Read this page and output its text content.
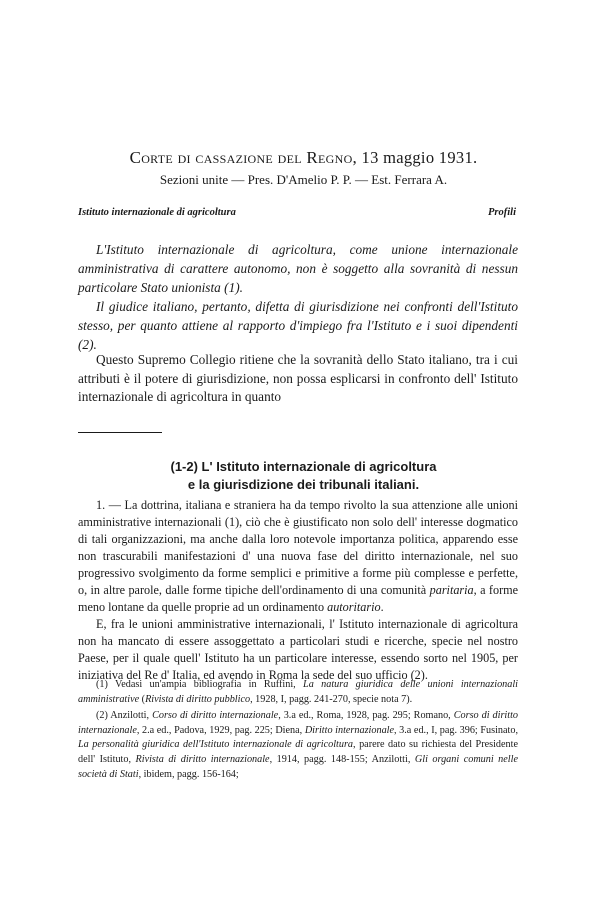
Corte di cassazione del Regno, 13 maggio 1931.
Sezioni unite — Pres. D'Amelio P. P. — Est. Ferrara A.
Istituto internazionale di agricoltura	Profili

L'Istituto internazionale di agricoltura, come unione internazionale amministrativa di carattere autonomo, non è soggetto alla sovranità di nessun particolare Stato unionista (1).

Il giudice italiano, pertanto, difetta di giurisdizione nei confronti dell'Istituto stesso, per quanto attiene al rapporto d'impiego fra l'Istituto e i suoi dipendenti (2).

Questo Supremo Collegio ritiene che la sovranità dello Stato italiano, tra i cui attributi è il potere di giurisdizione, non possa esplicarsi in confronto dell' Istituto internazionale di agricoltura in quanto

(1-2) L' Istituto internazionale di agricoltura
e la giurisdizione dei tribunali italiani.

1. — La dottrina, italiana e straniera ha da tempo rivolto la sua attenzione alle unioni amministrative internazionali (1), ciò che è giustificato non solo dell' interesse dogmatico di tali organizzazioni, ma anche dalla loro notevole importanza politica, apparendo esse non trascurabili manifestazioni d' una nuova fase del diritto internazionale, nel suo progressivo svolgimento da forme semplici e primitive a forme più complesse e perfette, o, in altre parole, dalle forme tipiche dell'ordinamento di una comunità paritaria, a forme meno lontane da quelle proprie ad un ordinamento autoritario.

E, fra le unioni amministrative internazionali, l' Istituto internazionale di agricoltura non ha mancato di essere assoggettato a particolari studi e ricerche, specie nel nostro Paese, per il quale quell' Istituto ha un particolare interesse, essendo sorto nel 1905, per iniziativa del Re d' Italia, ed avendo in Roma la sede del suo ufficio (2).

(1) Vedasi un'ampia bibliografia in Ruffini, La natura giuridica delle unioni internazionali amministrative (Rivista di diritto pubblico, 1928, I, pagg. 241-270, specie nota 7).

(2) Anzilotti, Corso di diritto internazionale, 3.a ed., Roma, 1928, pag. 295; Romano, Corso di diritto internazionale, 2.a ed., Padova, 1929, pag. 225; Diena, Diritto internazionale, 3.a ed., I, pag. 396; Fusinato, La personalità giuridica dell'Istituto internazionale di agricoltura, parere dato su richiesta del Presidente dell' Istituto, Rivista di diritto internazionale, 1914, pagg. 148-155; Anzilotti, Gli organi comuni nelle società di Stati, ibidem, pagg. 156-164;
